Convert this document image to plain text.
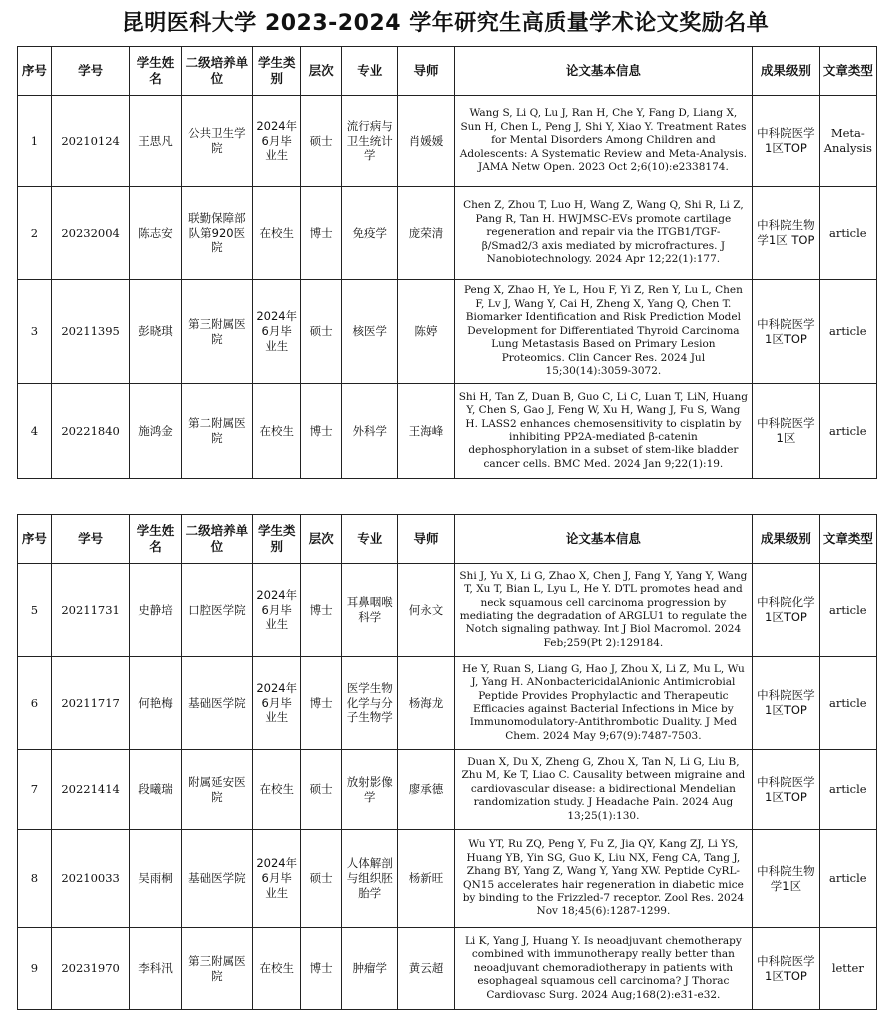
昆明医科大学 2023-2024 学年研究生高质量学术论文奖励名单
序号	学号	学生姓名	二级培养单位	学生类别	层次	专业	导师	论文基本信息	成果级别	文章类型
1	20210124	王思凡	公共卫生学院	2024年6月毕业生	硕士	流行病与卫生统计学	肖媛媛	Wang S, Li Q, Lu J, Ran H, Che Y, Fang D, Liang X, Sun H, Chen L, Peng J, Shi Y, Xiao Y. Treatment Rates for Mental Disorders Among Children and Adolescents: A Systematic Review and Meta-Analysis. JAMA Netw Open. 2023 Oct 2;6(10):e2338174.	中科院医学1区TOP	Meta-Analysis
2	20232004	陈志安	联勤保障部队第920医院	在校生	博士	免疫学	庞荣清	Chen Z, Zhou T, Luo H, Wang Z, Wang Q, Shi R, Li Z, Pang R, Tan H. HWJMSC-EVs promote cartilage regeneration and repair via the ITGB1/TGF-β/Smad2/3 axis mediated by microfractures. J Nanobiotechnology. 2024 Apr 12;22(1):177.	中科院生物学1区 TOP	article
3	20211395	彭晓琪	第三附属医院	2024年6月毕业生	硕士	核医学	陈婷	Peng X, Zhao H, Ye L, Hou F, Yi Z, Ren Y, Lu L, Chen F, Lv J, Wang Y, Cai H, Zheng X, Yang Q, Chen T. Biomarker Identification and Risk Prediction Model Development for Differentiated Thyroid Carcinoma Lung Metastasis Based on Primary Lesion Proteomics. Clin Cancer Res. 2024 Jul 15;30(14):3059-3072.	中科院医学1区TOP	article
4	20221840	施鸿金	第二附属医院	在校生	博士	外科学	王海峰	Shi H, Tan Z, Duan B, Guo C, Li C, Luan T, LiN, Huang Y, Chen S, Gao J, Feng W, Xu H, Wang J, Fu S, Wang H. LASS2 enhances chemosensitivity to cisplatin by inhibiting PP2A-mediated β-catenin dephosphorylation in a subset of stem-like bladder cancer cells. BMC Med. 2024 Jan 9;22(1):19.	中科院医学1区	article
序号	学号	学生姓名	二级培养单位	学生类别	层次	专业	导师	论文基本信息	成果级别	文章类型
5	20211731	史静培	口腔医学院	2024年6月毕业生	博士	耳鼻咽喉科学	何永文	Shi J, Yu X, Li G, Zhao X, Chen J, Fang Y, Yang Y, Wang T, Xu T, Bian L, Lyu L, He Y. DTL promotes head and neck squamous cell carcinoma progression by mediating the degradation of ARGLU1 to regulate the Notch signaling pathway. Int J Biol Macromol. 2024 Feb;259(Pt 2):129184.	中科院化学1区TOP	article
6	20211717	何艳梅	基础医学院	2024年6月毕业生	博士	医学生物化学与分子生物学	杨海龙	He Y, Ruan S, Liang G, Hao J, Zhou X, Li Z, Mu L, Wu J, Yang H. ANonbactericidalAnionic Antimicrobial Peptide Provides Prophylactic and Therapeutic Efficacies against Bacterial Infections in Mice by Immunomodulatory-Antithrombotic Duality. J Med Chem. 2024 May 9;67(9):7487-7503.	中科院医学1区TOP	article
7	20221414	段曦瑞	附属延安医院	在校生	硕士	放射影像学	廖承德	Duan X, Du X, Zheng G, Zhou X, Tan N, Li G, Liu B, Zhu M, Ke T, Liao C. Causality between migraine and cardiovascular disease: a bidirectional Mendelian randomization study. J Headache Pain. 2024 Aug 13;25(1):130.	中科院医学1区TOP	article
8	20210033	吴雨桐	基础医学院	2024年6月毕业生	硕士	人体解剖与组织胚胎学	杨新旺	Wu YT, Ru ZQ, Peng Y, Fu Z, Jia QY, Kang ZJ, Li YS, Huang YB, Yin SG, Guo K, Liu NX, Feng CA, Tang J, Zhang BY, Yang Z, Wang Y, Yang XW. Peptide CyRL-QN15 accelerates hair regeneration in diabetic mice by binding to the Frizzled-7 receptor. Zool Res. 2024 Nov 18;45(6):1287-1299.	中科院生物学1区	article
9	20231970	李科汛	第三附属医院	在校生	博士	肿瘤学	黄云超	Li K, Yang J, Huang Y. Is neoadjuvant chemotherapy combined with immunotherapy really better than neoadjuvant chemoradiotherapy in patients with esophageal squamous cell carcinoma? J Thorac Cardiovasc Surg. 2024 Aug;168(2):e31-e32.	中科院医学1区TOP	letter
